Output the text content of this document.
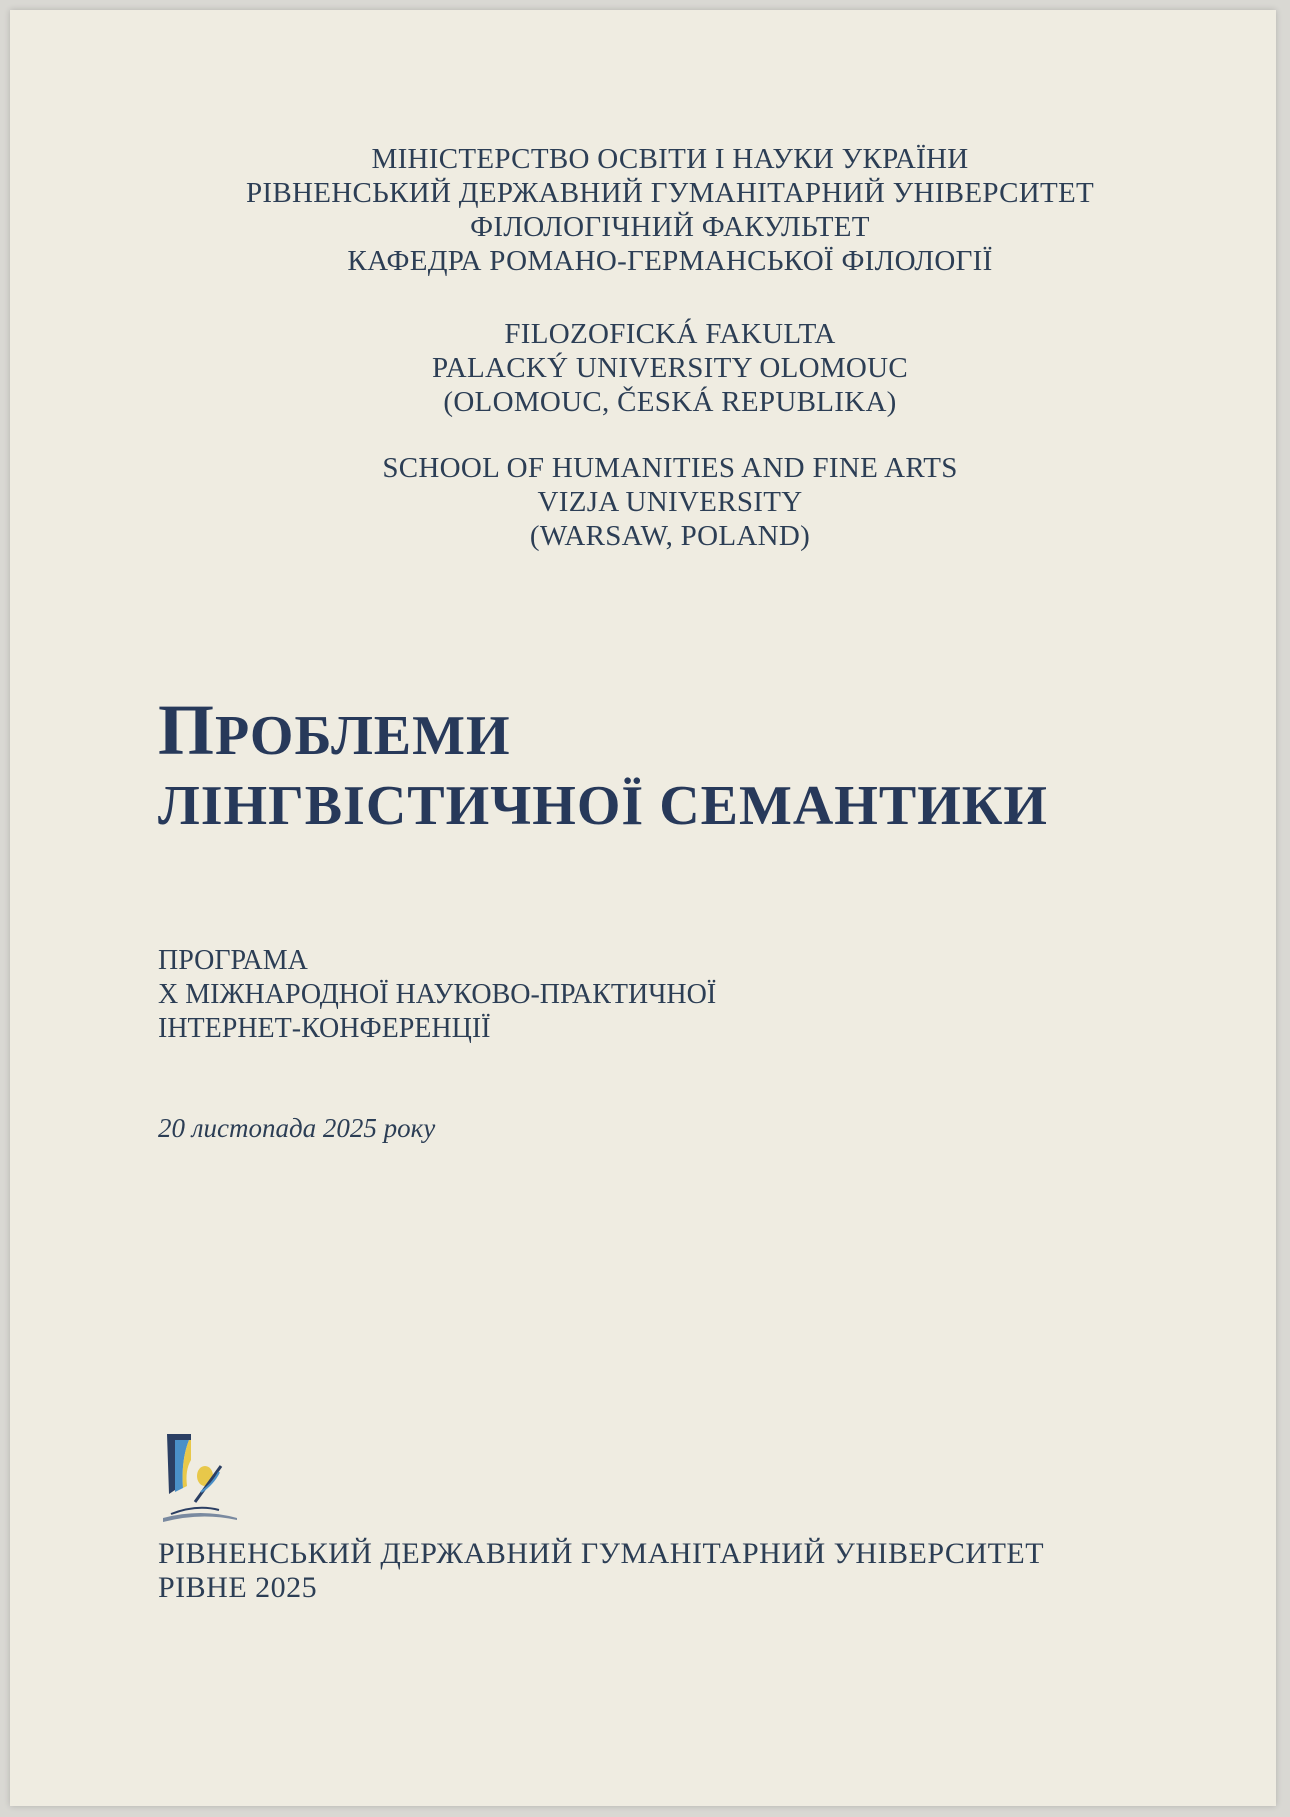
МІНІСТЕРСТВО ОСВІТИ І НАУКИ УКРАЇНИ
РІВНЕНСЬКИЙ ДЕРЖАВНИЙ ГУМАНІТАРНИЙ УНІВЕРСИТЕТ
ФІЛОЛОГІЧНИЙ ФАКУЛЬТЕТ
КАФЕДРА РОМАНО-ГЕРМАНСЬКОЇ ФІЛОЛОГІЇ
FILOZOFICKÁ FAKULTA
PALACKÝ UNIVERSITY OLOMOUC
(OLOMOUC, ČESKÁ REPUBLIKA)
SCHOOL OF HUMANITIES AND FINE ARTS
VIZJA UNIVERSITY
(WARSAW, POLAND)
ПРОБЛЕМИ
ЛІНГВІСТИЧНОЇ СЕМАНТИКИ
ПРОГРАМА
X МІЖНАРОДНОЇ НАУКОВО-ПРАКТИЧНОЇ
ІНТЕРНЕТ-КОНФЕРЕНЦІЇ
20 листопада 2025 року
РІВНЕНСЬКИЙ ДЕРЖАВНИЙ ГУМАНІТАРНИЙ УНІВЕРСИТЕТ
РІВНЕ 2025
